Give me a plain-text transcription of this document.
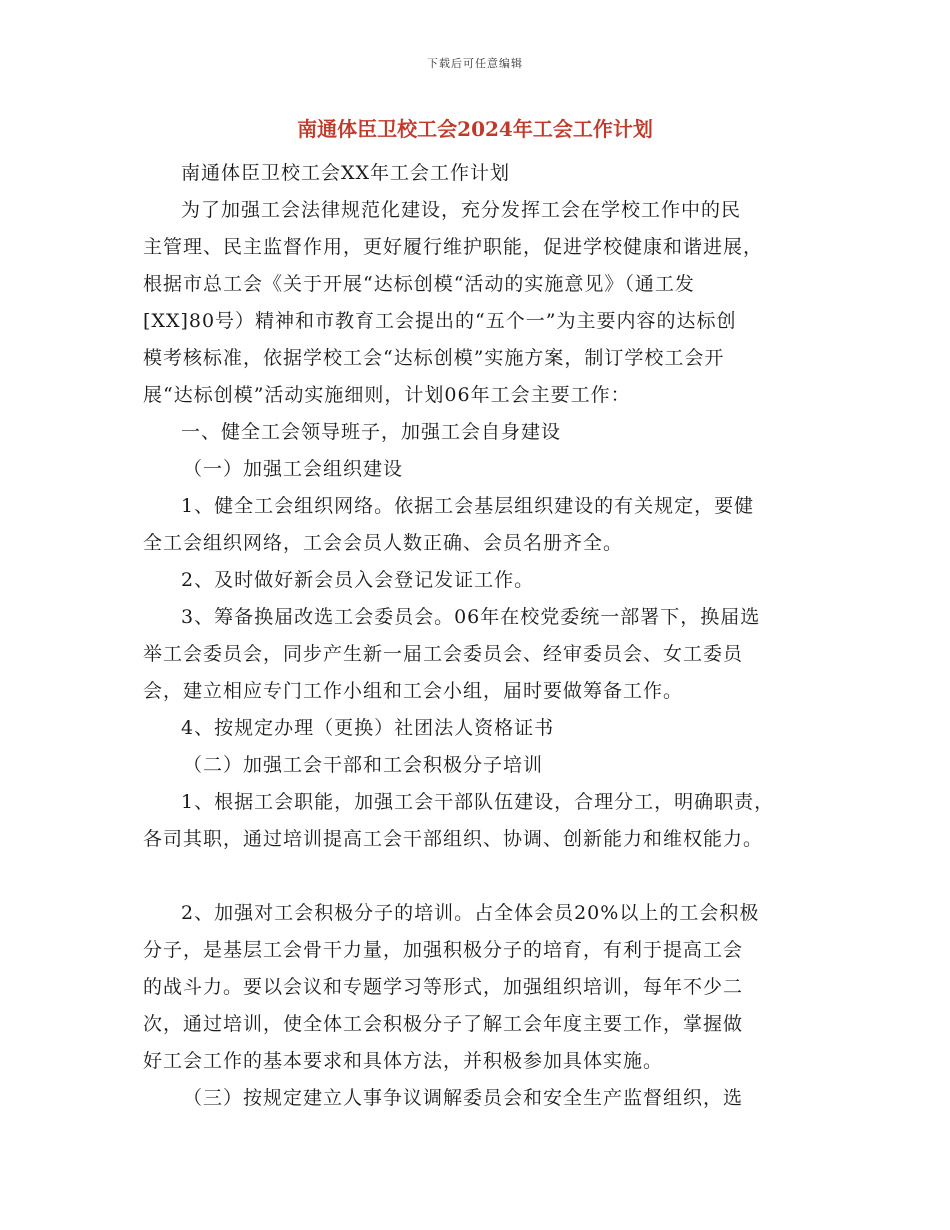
下载后可任意编辑
南通体臣卫校工会2024年工会工作计划
南通体臣卫校工会XX年工会工作计划
为了加强工会法律规范化建设，充分发挥工会在学校工作中的民
主管理、民主监督作用，更好履行维护职能，促进学校健康和谐进展，
根据市总工会《关于开展“达标创模“活动的实施意见》（通工发
[XX]80号）精神和市教育工会提出的“五个一”为主要内容的达标创
模考核标准，依据学校工会“达标创模”实施方案，制订学校工会开
展“达标创模”活动实施细则，计划06年工会主要工作：
一、健全工会领导班子，加强工会自身建设
（一）加强工会组织建设
1、健全工会组织网络。依据工会基层组织建设的有关规定，要健
全工会组织网络，工会会员人数正确、会员名册齐全。
2、及时做好新会员入会登记发证工作。
3、筹备换届改选工会委员会。06年在校党委统一部署下，换届选
举工会委员会，同步产生新一届工会委员会、经审委员会、女工委员
会，建立相应专门工作小组和工会小组，届时要做筹备工作。
4、按规定办理（更换）社团法人资格证书
（二）加强工会干部和工会积极分子培训
1、根据工会职能，加强工会干部队伍建设，合理分工，明确职责，
各司其职，通过培训提高工会干部组织、协调、创新能力和维权能力。
2、加强对工会积极分子的培训。占全体会员20%以上的工会积极
分子，是基层工会骨干力量，加强积极分子的培育，有利于提高工会
的战斗力。要以会议和专题学习等形式，加强组织培训，每年不少二
次，通过培训，使全体工会积极分子了解工会年度主要工作，掌握做
好工会工作的基本要求和具体方法，并积极参加具体实施。
（三）按规定建立人事争议调解委员会和安全生产监督组织，选
